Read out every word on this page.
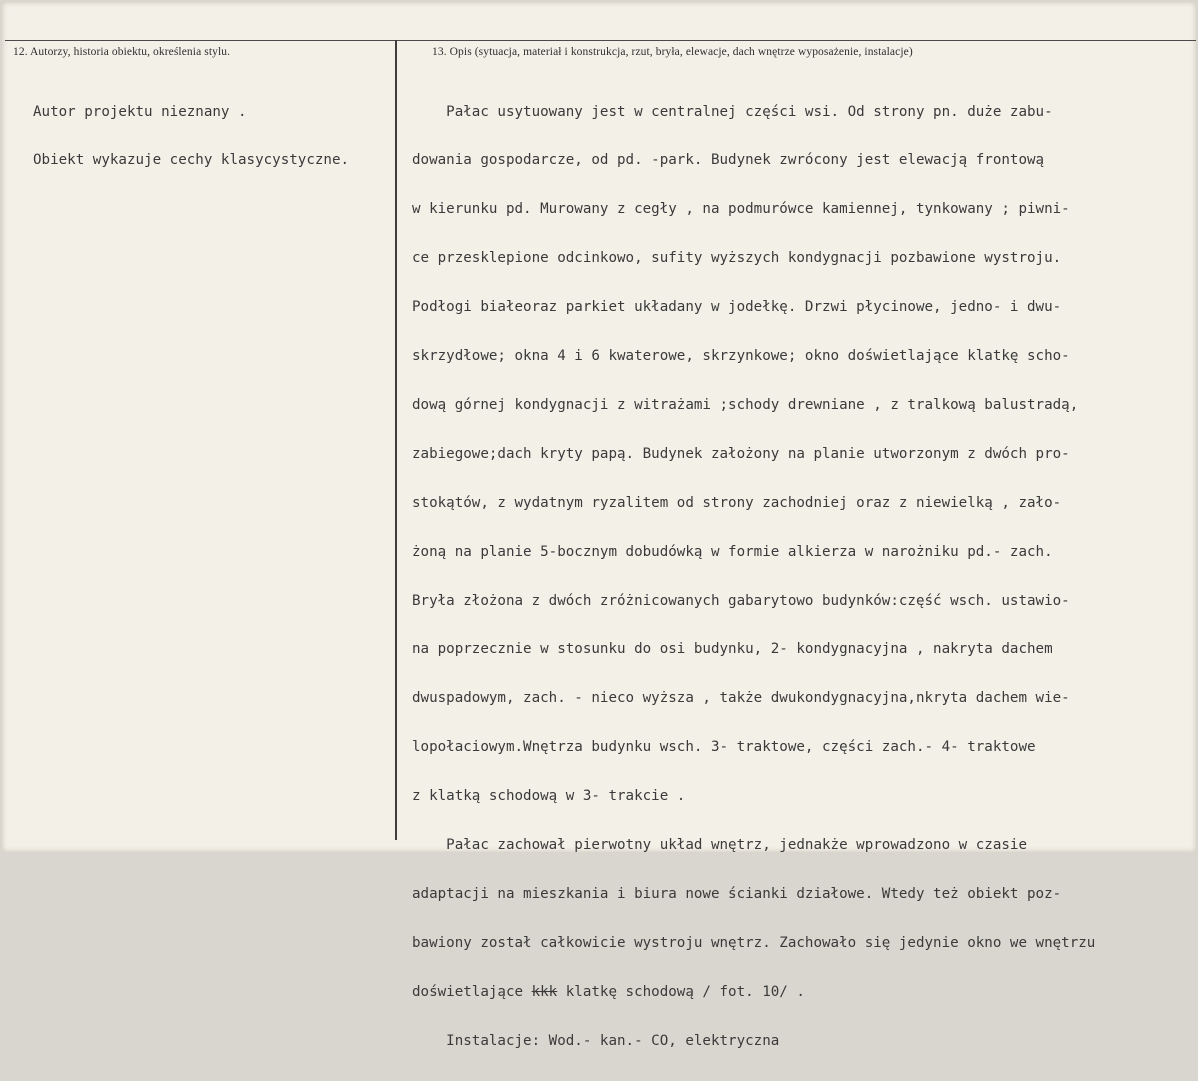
12. Autorzy, historia obiektu, określenia stylu.	13. Opis (sytuacja, materiał i konstrukcja, rzut, bryła, elewacje, dach wnętrze wyposażenie, instalacje)

Autor projektu nieznany .

Obiekt wykazuje cechy klasycystyczne.

Pałac usytuowany jest w centralnej części wsi. Od strony pn. duże zabu-

dowania gospodarcze, od pd. -park. Budynek zwrócony jest elewacją frontową

w kierunku pd. Murowany z cegły , na podmurówce kamiennej, tynkowany ; piwni-

ce przesklepione odcinkowo, sufity wyższych kondygnacji pozbawione wystroju.

Podłogi białeoraz parkiet układany w jodełkę. Drzwi płycinowe, jedno- i dwu-

skrzydłowe; okna 4 i 6 kwaterowe, skrzynkowe; okno doświetlające klatkę scho-

dową górnej kondygnacji z witrażami ;schody drewniane , z tralkową balustradą,

zabiegowe;dach kryty papą. Budynek założony na planie utworzonym z dwóch pro-

stokątów, z wydatnym ryzalitem od strony zachodniej oraz z niewielką , zało-

żoną na planie 5-bocznym dobudówką w formie alkierza w narożniku pd.- zach.

Bryła złożona z dwóch zróżnicowanych gabarytowo budynków:część wsch. ustawio-

na poprzecznie w stosunku do osi budynku, 2- kondygnacyjna , nakryta dachem

dwuspadowym, zach. - nieco wyższa , także dwukondygnacyjna,nkryta dachem wie-

lopołaciowym.Wnętrza budynku wsch. 3- traktowe, części zach.- 4- traktowe

z klatką schodową w 3- trakcie .

Pałac zachował pierwotny układ wnętrz, jednakże wprowadzono w czasie

adaptacji na mieszkania i biura nowe ścianki działowe. Wtedy też obiekt poz-

bawiony został całkowicie wystroju wnętrz. Zachowało się jedynie okno we wnętrzu

doświetlające kkk klatkę schodową / fot. 10/ .

Instalacje: Wod.- kan.- CO, elektryczna
